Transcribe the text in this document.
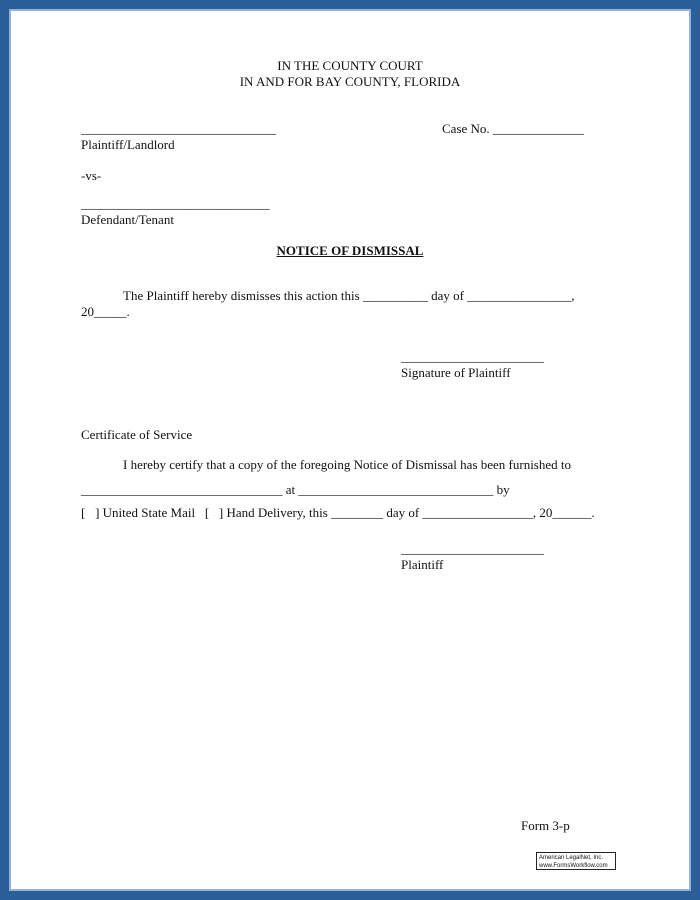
IN THE COUNTY COURT
IN AND FOR BAY COUNTY, FLORIDA
______________________________	Case No. ______________
Plaintiff/Landlord
-vs-
_____________________________
Defendant/Tenant
NOTICE OF DISMISSAL
The Plaintiff hereby dismisses this action this __________ day of ________________,
20_____.
______________________
Signature of Plaintiff
Certificate of Service
I hereby certify that a copy of the foregoing Notice of Dismissal has been furnished to
_______________________________ at ______________________________ by
[   ] United State Mail   [   ] Hand Delivery, this ________ day of _________________, 20______.
______________________
Plaintiff
Form 3-p
American LegalNet, Inc.
www.FormsWorkflow.com
